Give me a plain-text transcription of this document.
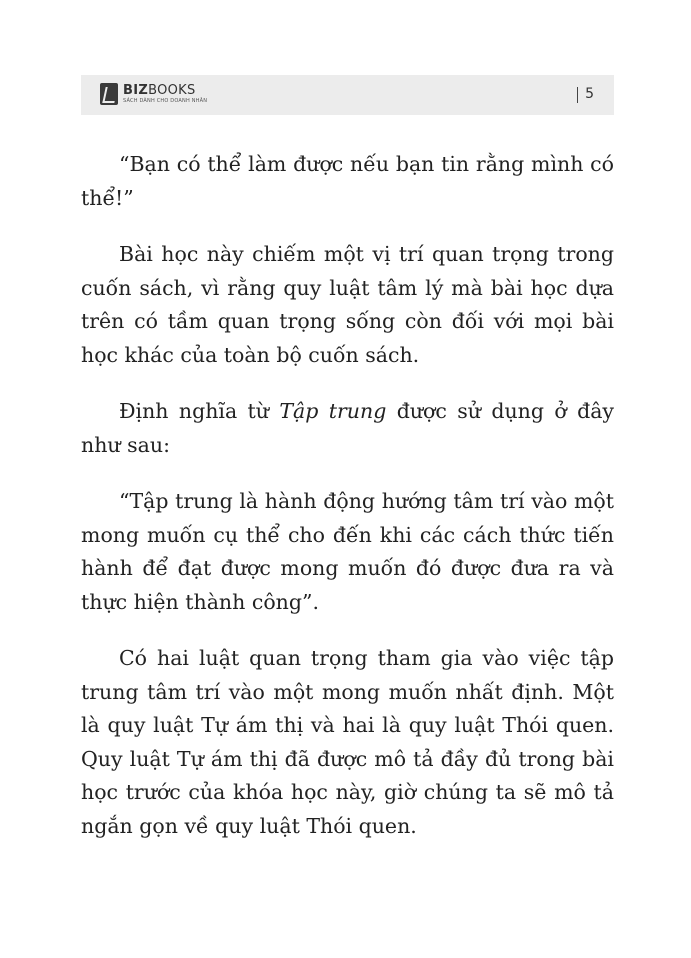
BIZBOOKS
SÁCH DÀNH CHO DOANH NHÂN	5

“Bạn có thể làm được nếu bạn tin rằng mình có thể!”

Bài học này chiếm một vị trí quan trọng trong cuốn sách, vì rằng quy luật tâm lý mà bài học dựa trên có tầm quan trọng sống còn đối với mọi bài học khác của toàn bộ cuốn sách.

Định nghĩa từ Tập trung được sử dụng ở đây như sau:

“Tập trung là hành động hướng tâm trí vào một mong muốn cụ thể cho đến khi các cách thức tiến hành để đạt được mong muốn đó được đưa ra và thực hiện thành công”.

Có hai luật quan trọng tham gia vào việc tập trung tâm trí vào một mong muốn nhất định. Một là quy luật Tự ám thị và hai là quy luật Thói quen. Quy luật Tự ám thị đã được mô tả đầy đủ trong bài học trước của khóa học này, giờ chúng ta sẽ mô tả ngắn gọn về quy luật Thói quen.
